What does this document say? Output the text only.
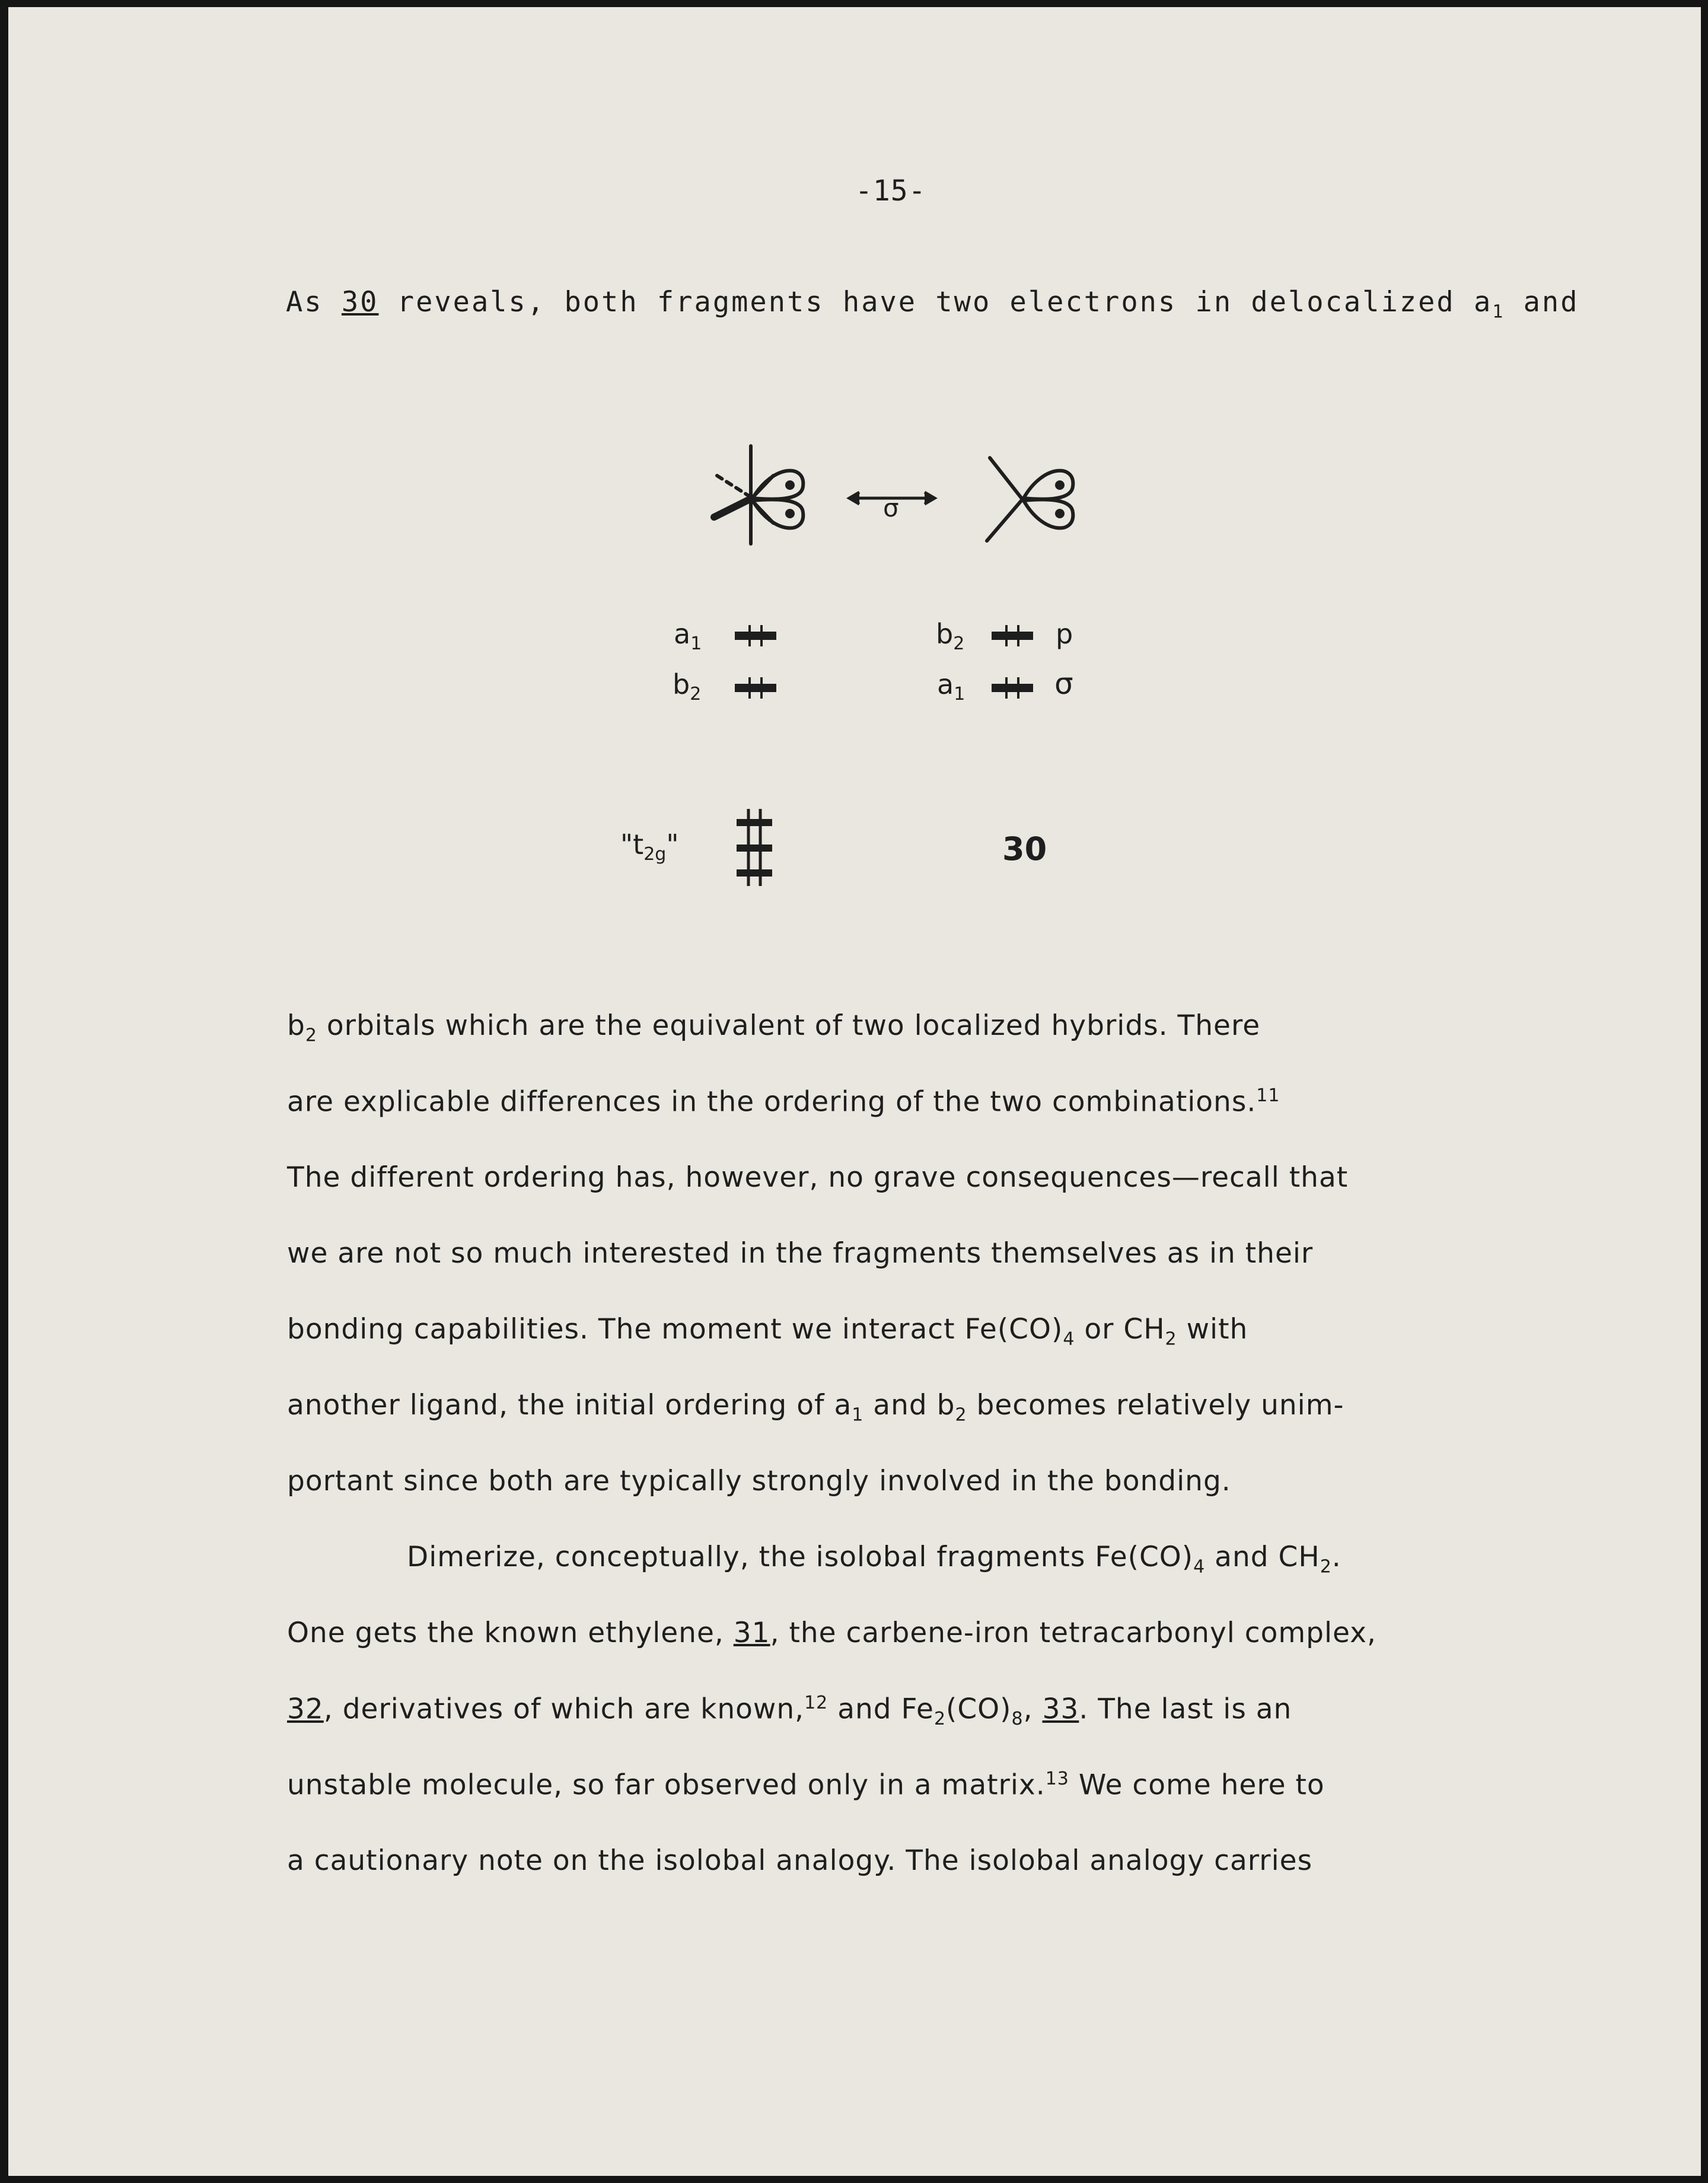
-15-
As 30 reveals, both fragments have two electrons in delocalized $a_1$ and
σ
$a_1$
$b_2$
$b_2$
$a_1$
p
σ
"$t_{2g}$"	30
$b_2$ orbitals which are the equivalent of two localized hybrids. There
are explicable differences in the ordering of the two combinations.$^{11}$
The different ordering has, however, no grave consequences—recall that
we are not so much interested in the fragments themselves as in their
bonding capabilities. The moment we interact $Fe(CO)_4$ or $CH_2$ with
another ligand, the initial ordering of $a_1$ and $b_2$ becomes relatively unim-
portant since both are typically strongly involved in the bonding.
Dimerize, conceptually, the isolobal fragments $Fe(CO)_4$ and $CH_2$.
One gets the known ethylene, 31, the carbene-iron tetracarbonyl complex,
32, derivatives of which are known,$^{12}$ and $Fe_2(CO)_8$, 33. The last is an
unstable molecule, so far observed only in a matrix.$^{13}$ We come here to
a cautionary note on the isolobal analogy. The isolobal analogy carries
